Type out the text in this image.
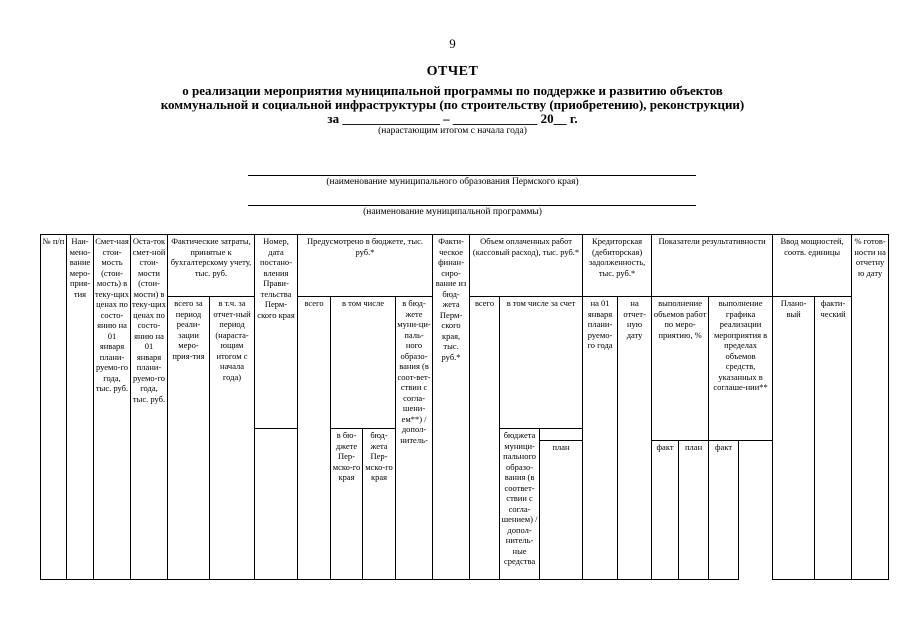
9
ОТЧЕТ
о реализации мероприятия муниципальной программы по поддержке и развитию объектов
коммунальной и социальной инфраструктуры (по строительству (приобретению), реконструкции)
за _______________ – _____________ 20__ г.
(нарастающим итогом с начала года)
(наименование муниципального образования Пермского края)
(наименование муниципальной программы)
№ п/п	Наи-мено-вание меро-прия-тия	Смет-ная стои-мость (стои-мость) в теку-щих ценах по состо-янию на 01 января плани-руемо-го года, тыс. руб.	Оста-ток смет-ной стои-мости (стои-мости) в теку-щих ценах по состо-янию на 01 января плани-руемо-го года, тыс. руб.	Фактические затраты, принятые к бухгалтерскому учету, тыс. руб.		Номер, дата постано-вления Прави-тельства Перм-ского края	Предусмотрено в бюджете, тыс. руб.*				Факти-ческое финан-сиро-вание из бюд-жета Перм-ского края, тыс. руб.*	Объем оплаченных работ (кассовый расход), тыс. руб.*			Кредиторская (дебиторская) задолженность, тыс. руб.*		Показатели результативности			Ввод мощностей, соотв. единицы		% готов-ности на отчетну ю дату
				всего за период реали-зации меро-прия-тия	в т.ч. за отчет-ный период (нараста-ющим итогом с начала года)		всего	в том числе		в бюд-жете муни-ци-паль-ного образо-вания (в соот-вет-ствии с согла-шени-ем**) / допол-нитель-		всего	в том числе за счет		на 01 января плани-руемо-го года	на отчет-ную дату	выполнение объемов работ по меро-приятию, %		выполнение графика реализации мероприятия в пределах объемов средств, указанных в соглаше-нии**	Плано-вый	факти-ческий	
								в бю-джете Пер-мско-го края	бюд-жета Пер-мско-го края				бюджета муници-пального образо-вания (в соответ-ствии с согла-шением) / допол-нитель-ные средства									
														план			факт	план	факт			
